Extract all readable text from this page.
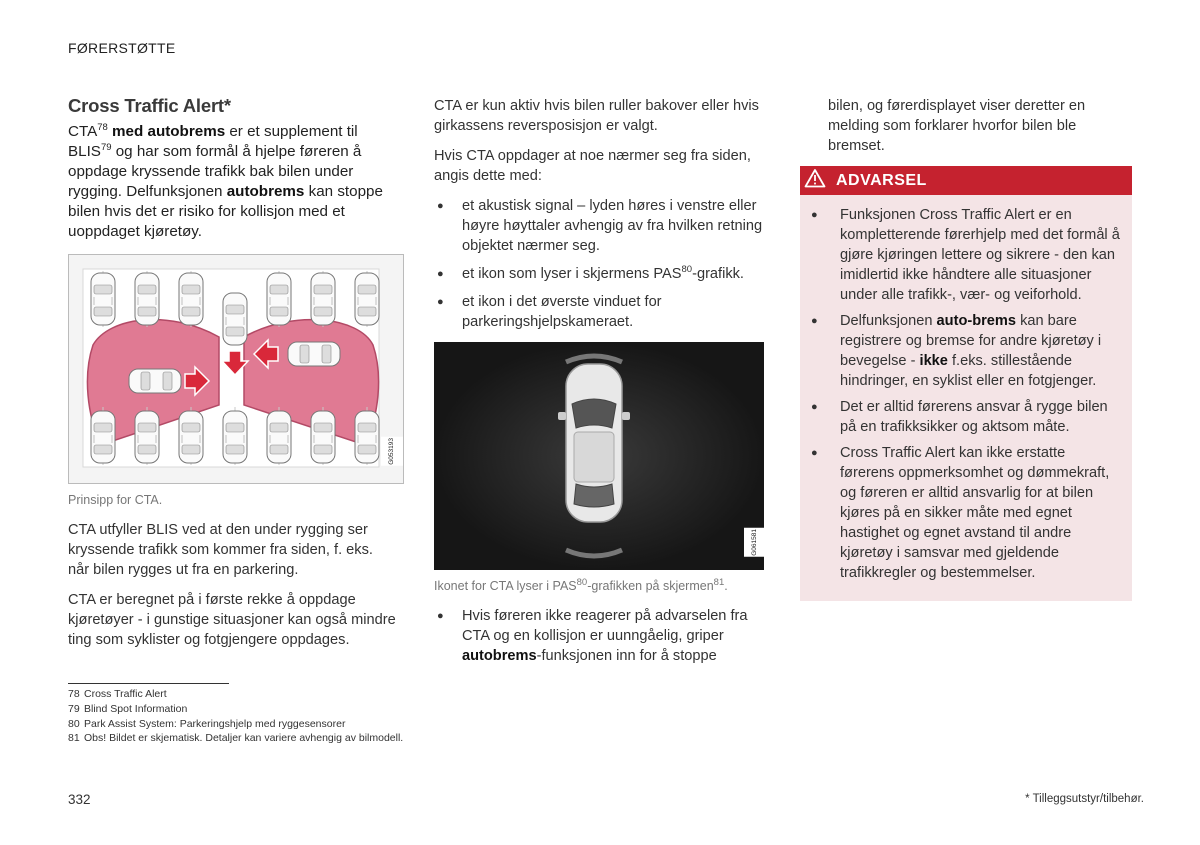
FØRERSTØTTE
Cross Traffic Alert*

CTA$^{78}$ med autobrems er et supplement til BLIS$^{79}$ og har som formål å hjelpe føreren å oppdage kryssende trafikk bak bilen under rygging. Delfunksjonen autobrems kan stoppe bilen hvis det er risiko for kollisjon med et uoppdaget kjøretøy.

G053193

Prinsipp for CTA.

CTA utfyller BLIS ved at den under rygging ser kryssende trafikk som kommer fra siden, f. eks. når bilen rygges ut fra en parkering.

CTA er beregnet på i første rekke å oppdage kjøretøyer - i gunstige situasjoner kan også mindre ting som syklister og fotgjengere oppdages.

CTA er kun aktiv hvis bilen ruller bakover eller hvis girkassens reversposisjon er valgt.

Hvis CTA oppdager at noe nærmer seg fra siden, angis dette med:

● et akustisk signal – lyden høres i venstre eller høyre høyttaler avhengig av fra hvilken retning objektet nærmer seg.
● et ikon som lyser i skjermens PAS$^{80}$-grafikk.
● et ikon i det øverste vinduet for parkeringshjelpskameraet.
G061581

Ikonet for CTA lyser i PAS$^{80}$-grafikken på skjermen$^{81}$.

● Hvis føreren ikke reagerer på advarselen fra CTA og en kollisjon er uunngåelig, griper autobrems-funksjonen inn for å stoppe

bilen, og førerdisplayet viser deretter en melding som forklarer hvorfor bilen ble bremset.

ADVARSEL
● Funksjonen Cross Traffic Alert er en kompletterende førerhjelp med det formål å gjøre kjøringen lettere og sikrere - den kan imidlertid ikke håndtere alle situasjoner under alle trafikk-, vær- og veiforhold.
● Delfunksjonen auto-brems kan bare registrere og bremse for andre kjøretøy i bevegelse - ikke f.eks. stillestående hindringer, en syklist eller en fotgjenger.
● Det er alltid førerens ansvar å rygge bilen på en trafikksikker og aktsom måte.
● Cross Traffic Alert kan ikke erstatte førerens oppmerksomhet og dømmekraft, og føreren er alltid ansvarlig for at bilen kjøres på en sikker måte med egnet hastighet og egnet avstand til andre kjøretøy i samsvar med gjeldende trafikkregler og bestemmelser.
78 Cross Traffic Alert
79 Blind Spot Information
80 Park Assist System: Parkeringshjelp med ryggesensorer
81 Obs! Bildet er skjematisk. Detaljer kan variere avhengig av bilmodell.
332	* Tilleggsutstyr/tilbehør.
